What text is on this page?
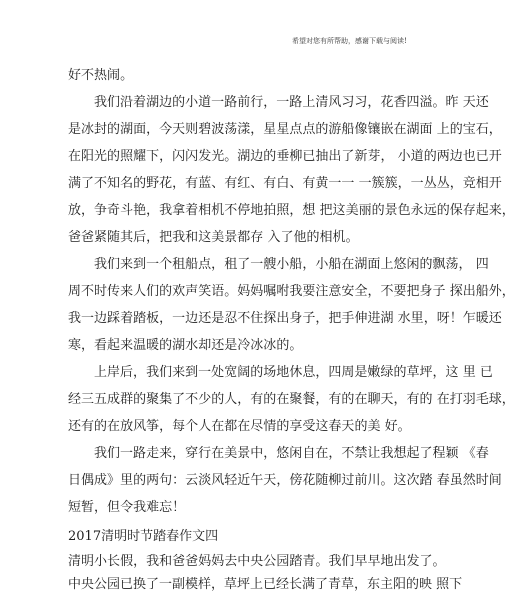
希望对您有所帮助，感谢下载与阅读!
好不热闹。
我们沿着湖边的小道一路前行，一路上清风习习，花香四溢。昨 天还
是冰封的湖面，今天则碧波荡漾，星星点点的游船像镶嵌在湖面 上的宝石，
在阳光的照耀下，闪闪发光。湖边的垂柳已抽出了新芽， 小道的两边也已开
满了不知名的野花，有蓝、有红、有白、有黄一一 一簇簇，一丛丛，竞相开
放，争奇斗艳，我拿着相机不停地拍照，想 把这美丽的景色永远的保存起来，
爸爸紧随其后，把我和这美景都存 入了他的相机。
我们来到一个租船点，租了一艘小船，小船在湖面上悠闲的飘荡， 四
周不时传来人们的欢声笑语。妈妈嘱咐我要注意安全，不要把身子 探出船外，
我一边踩着踏板，一边还是忍不住探出身子，把手伸进湖 水里，呀！乍暖还
寒，看起来温暖的湖水却还是冷冰冰的。
上岸后，我们来到一处宽阔的场地休息，四周是嫩绿的草坪，这 里 已
经三五成群的聚集了不少的人，有的在聚餐，有的在聊天，有的 在打羽毛球，
还有的在放风筝，每个人在都在尽情的享受这春天的美 好。
我们一路走来，穿行在美景中，悠闲自在，不禁让我想起了程颖 《春
日偶成》里的两句：云淡风轻近午天，傍花随柳过前川。这次踏 春虽然时间
短暂，但令我难忘！
2017清明时节踏春作文四
清明小长假，我和爸爸妈妈去中央公园踏青。我们早早地出发了。
中央公园已换了一副模样，草坪上已经长满了青草，东主阳的映 照下
